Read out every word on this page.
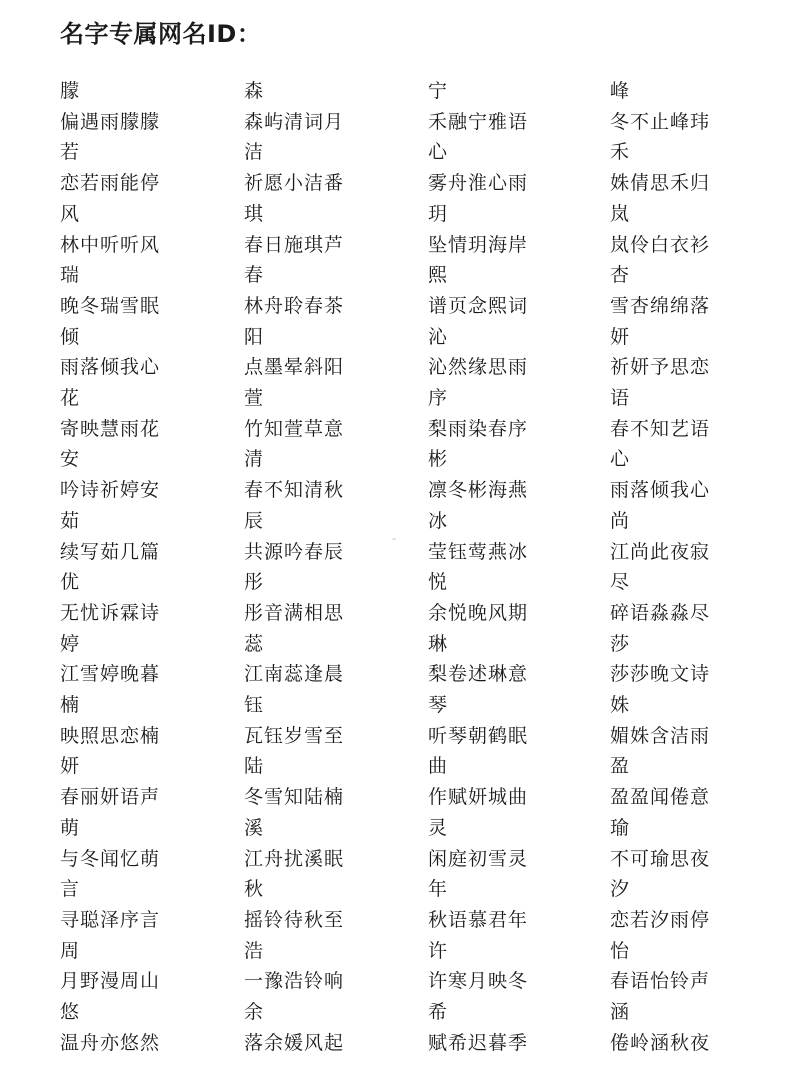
名字专属网名ID：
朦
偏遇雨朦朦
若
恋若雨能停
风
林中听听风
瑞
晚冬瑞雪眠
倾
雨落倾我心
花
寄映慧雨花
安
吟诗祈婷安
茹
续写茹几篇
优
无忧诉霖诗
婷
江雪婷晚暮
楠
映照思恋楠
妍
春丽妍语声
萌
与冬闻忆萌
言
寻聪泽序言
周
月野漫周山
悠
温舟亦悠然
森
森屿清词月
洁
祈愿小洁番
琪
春日施琪芦
春
林舟聆春茶
阳
点墨晕斜阳
萱
竹知萱草意
清
春不知清秋
辰
共源吟春辰
彤
彤音满相思
蕊
江南蕊逢晨
钰
瓦钰岁雪至
陆
冬雪知陆楠
溪
江舟扰溪眠
秋
摇铃待秋至
浩
一豫浩铃响
余
落余媛风起
宁
禾融宁雅语
心
雾舟淮心雨
玥
坠情玥海岸
熙
谱页念熙词
沁
沁然缘思雨
序
梨雨染春序
彬
凛冬彬海燕
冰
莹钰莺燕冰
悦
余悦晚风期
琳
梨卷述琳意
琴
听琴朝鹤眠
曲
作赋妍城曲
灵
闲庭初雪灵
年
秋语慕君年
许
许寒月映冬
希
赋希迟暮季
峰
冬不止峰玮
禾
姝倩思禾归
岚
岚伶白衣衫
杏
雪杏绵绵落
妍
祈妍予思恋
语
春不知艺语
心
雨落倾我心
尚
江尚此夜寂
尽
碎语淼淼尽
莎
莎莎晚文诗
姝
媚姝含洁雨
盈
盈盈闻倦意
瑜
不可瑜思夜
汐
恋若汐雨停
怡
春语怡铃声
涵
倦岭涵秋夜
⁼
